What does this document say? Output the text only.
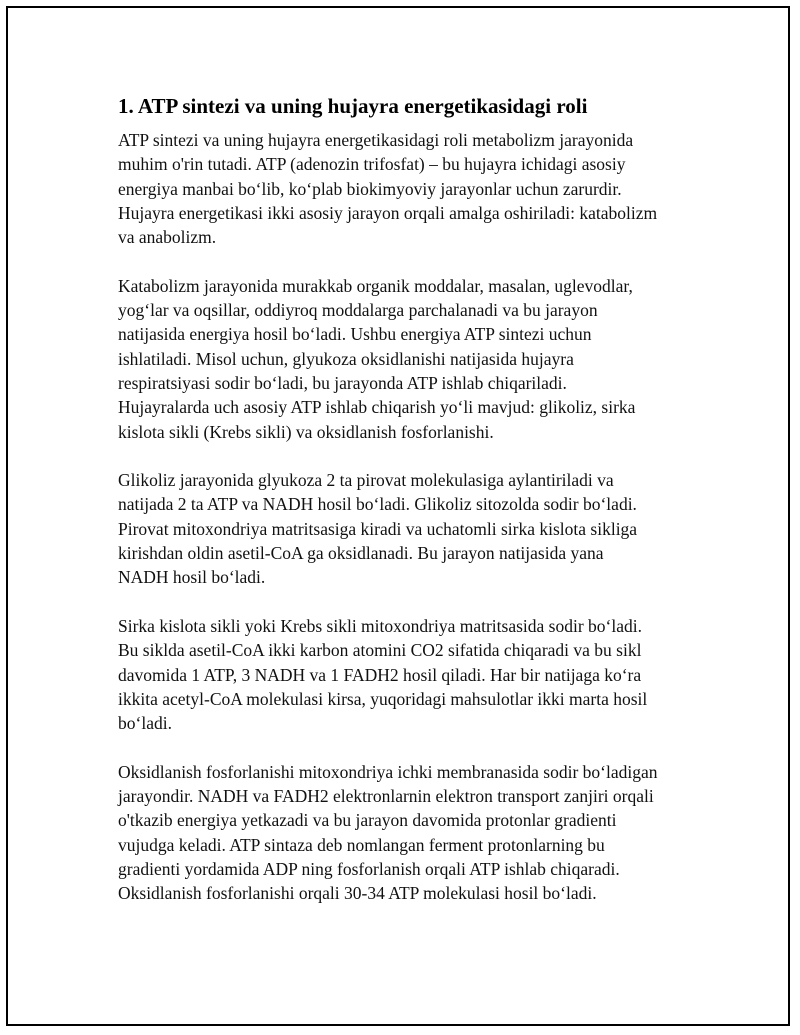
1. ATP sintezi va uning hujayra energetikasidagi roli

ATP sintezi va uning hujayra energetikasidagi roli metabolizm jarayonida
muhim o'rin tutadi. ATP (adenozin trifosfat) – bu hujayra ichidagi asosiy
energiya manbai bo‘lib, ko‘plab biokimyoviy jarayonlar uchun zarurdir.
Hujayra energetikasi ikki asosiy jarayon orqali amalga oshiriladi: katabolizm
va anabolizm.

Katabolizm jarayonida murakkab organik moddalar, masalan, uglevodlar,
yog‘lar va oqsillar, oddiyroq moddalarga parchalanadi va bu jarayon
natijasida energiya hosil bo‘ladi. Ushbu energiya ATP sintezi uchun
ishlatiladi. Misol uchun, glyukoza oksidlanishi natijasida hujayra
respiratsiyasi sodir bo‘ladi, bu jarayonda ATP ishlab chiqariladi.
Hujayralarda uch asosiy ATP ishlab chiqarish yo‘li mavjud: glikoliz, sirka
kislota sikli (Krebs sikli) va oksidlanish fosforlanishi.

Glikoliz jarayonida glyukoza 2 ta pirovat molekulasiga aylantiriladi va
natijada 2 ta ATP va NADH hosil bo‘ladi. Glikoliz sitozolda sodir bo‘ladi.
Pirovat mitoxondriya matritsasiga kiradi va uchatomli sirka kislota sikliga
kirishdan oldin asetil-CoA ga oksidlanadi. Bu jarayon natijasida yana
NADH hosil bo‘ladi.

Sirka kislota sikli yoki Krebs sikli mitoxondriya matritsasida sodir bo‘ladi.
Bu siklda asetil-CoA ikki karbon atomini CO2 sifatida chiqaradi va bu sikl
davomida 1 ATP, 3 NADH va 1 FADH2 hosil qiladi. Har bir natijaga ko‘ra
ikkita acetyl-CoA molekulasi kirsa, yuqoridagi mahsulotlar ikki marta hosil
bo‘ladi.

Oksidlanish fosforlanishi mitoxondriya ichki membranasida sodir bo‘ladigan
jarayondir. NADH va FADH2 elektronlarnin elektron transport zanjiri orqali
o'tkazib energiya yetkazadi va bu jarayon davomida protonlar gradienti
vujudga keladi. ATP sintaza deb nomlangan ferment protonlarning bu
gradienti yordamida ADP ning fosforlanish orqali ATP ishlab chiqaradi.
Oksidlanish fosforlanishi orqali 30-34 ATP molekulasi hosil bo‘ladi.
